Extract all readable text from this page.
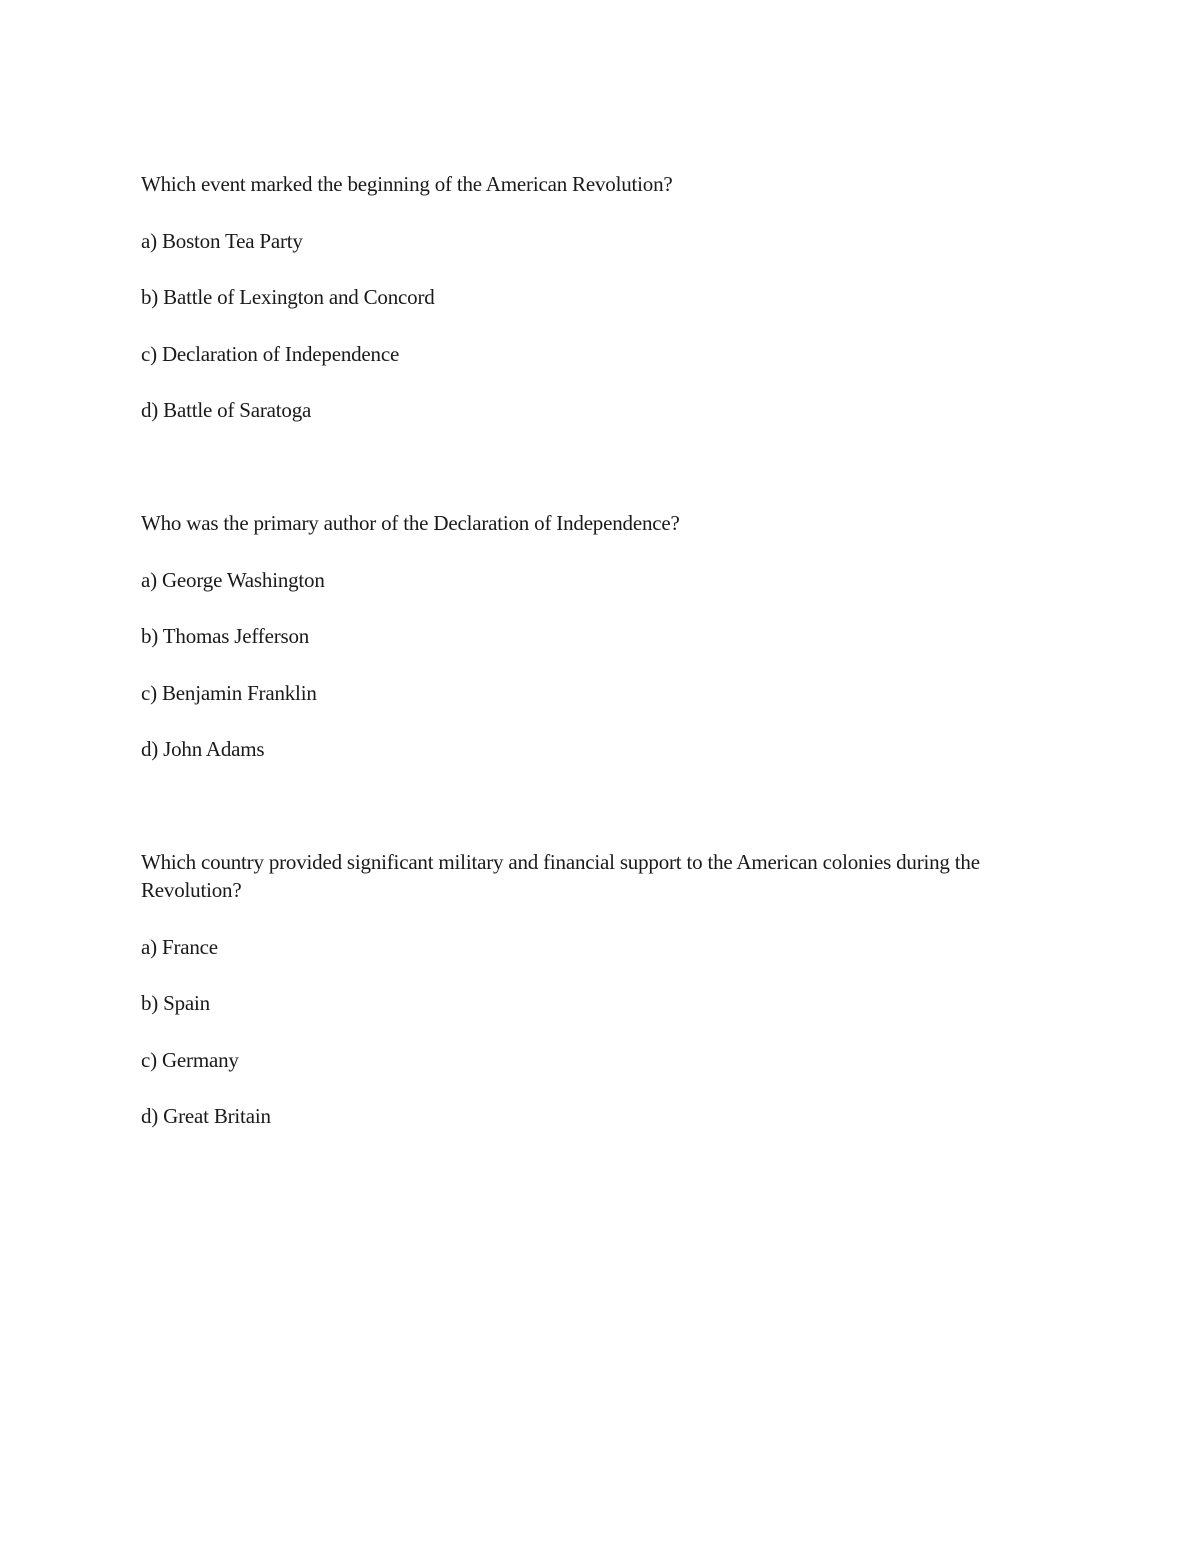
Which event marked the beginning of the American Revolution?

a) Boston Tea Party

b) Battle of Lexington and Concord

c) Declaration of Independence

d) Battle of Saratoga

Who was the primary author of the Declaration of Independence?

a) George Washington

b) Thomas Jefferson

c) Benjamin Franklin

d) John Adams

Which country provided significant military and financial support to the American colonies during the Revolution?

a) France

b) Spain

c) Germany

d) Great Britain
